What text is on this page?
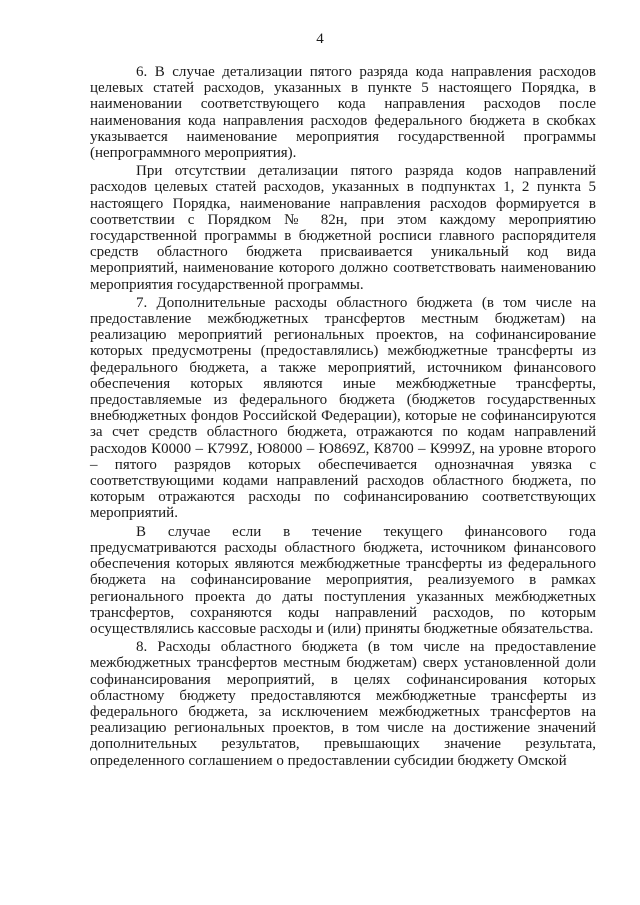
4

6. В случае детализации пятого разряда кода направления расходов целевых статей расходов, указанных в пункте 5 настоящего Порядка, в наименовании соответствующего кода направления расходов после наименования кода направления расходов федерального бюджета в скобках указывается наименование мероприятия государственной программы (непрограммного мероприятия).

При отсутствии детализации пятого разряда кодов направлений расходов целевых статей расходов, указанных в подпунктах 1, 2 пункта 5 настоящего Порядка, наименование направления расходов формируется в соответствии с Порядком № 82н, при этом каждому мероприятию государственной программы в бюджетной росписи главного распорядителя средств областного бюджета присваивается уникальный код вида мероприятий, наименование которого должно соответствовать наименованию мероприятия государственной программы.

7. Дополнительные расходы областного бюджета (в том числе на предоставление межбюджетных трансфертов местным бюджетам) на реализацию мероприятий региональных проектов, на софинансирование которых предусмотрены (предоставлялись) межбюджетные трансферты из федерального бюджета, а также мероприятий, источником финансового обеспечения которых являются иные межбюджетные трансферты, предоставляемые из федерального бюджета (бюджетов государственных внебюджетных фондов Российской Федерации), которые не софинансируются за счет средств областного бюджета, отражаются по кодам направлений расходов К0000 – К799Z, Ю8000 – Ю869Z, К8700 – К999Z, на уровне второго – пятого разрядов которых обеспечивается однозначная увязка с соответствующими кодами направлений расходов областного бюджета, по которым отражаются расходы по софинансированию соответствующих мероприятий.

В случае если в течение текущего финансового года предусматриваются расходы областного бюджета, источником финансового обеспечения которых являются межбюджетные трансферты из федерального бюджета на софинансирование мероприятия, реализуемого в рамках регионального проекта до даты поступления указанных межбюджетных трансфертов, сохраняются коды направлений расходов, по которым осуществлялись кассовые расходы и (или) приняты бюджетные обязательства.

8. Расходы областного бюджета (в том числе на предоставление межбюджетных трансфертов местным бюджетам) сверх установленной доли софинансирования мероприятий, в целях софинансирования которых областному бюджету предоставляются межбюджетные трансферты из федерального бюджета, за исключением межбюджетных трансфертов на реализацию региональных проектов, в том числе на достижение значений дополнительных результатов, превышающих значение результата, определенного соглашением о предоставлении субсидии бюджету Омской
